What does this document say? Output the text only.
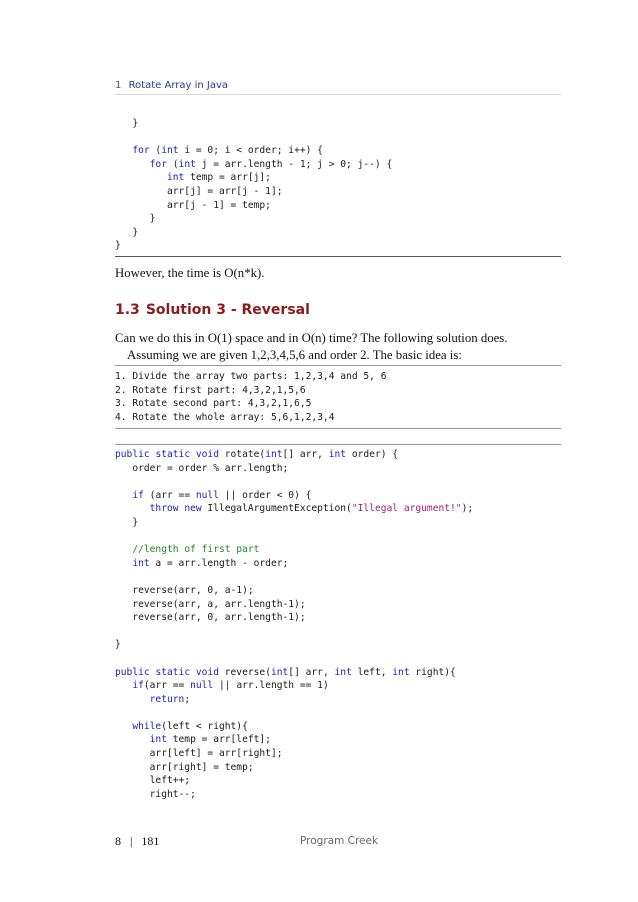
1 Rotate Array in Java
}

for (int i = 0; i < order; i++) {
for (int j = arr.length - 1; j > 0; j--) {
int temp = arr[j];
arr[j] = arr[j - 1];
arr[j - 1] = temp;
}
}
}
However, the time is O(n*k).
1.3 Solution 3 - Reversal
Can we do this in O(1) space and in O(n) time? The following solution does.
Assuming we are given 1,2,3,4,5,6 and order 2. The basic idea is:
1. Divide the array two parts: 1,2,3,4 and 5, 6
2. Rotate first part: 4,3,2,1,5,6
3. Rotate second part: 4,3,2,1,6,5
4. Rotate the whole array: 5,6,1,2,3,4
public static void rotate(int[] arr, int order) {
order = order % arr.length;

if (arr == null || order < 0) {
throw new IllegalArgumentException("Illegal argument!");
}

//length of first part
int a = arr.length - order;

reverse(arr, 0, a-1);
reverse(arr, a, arr.length-1);
reverse(arr, 0, arr.length-1);

}

public static void reverse(int[] arr, int left, int right){
if(arr == null || arr.length == 1)
return;

while(left < right){
int temp = arr[left];
arr[left] = arr[right];
arr[right] = temp;
left++;
right--;
8 | 181	Program Creek
